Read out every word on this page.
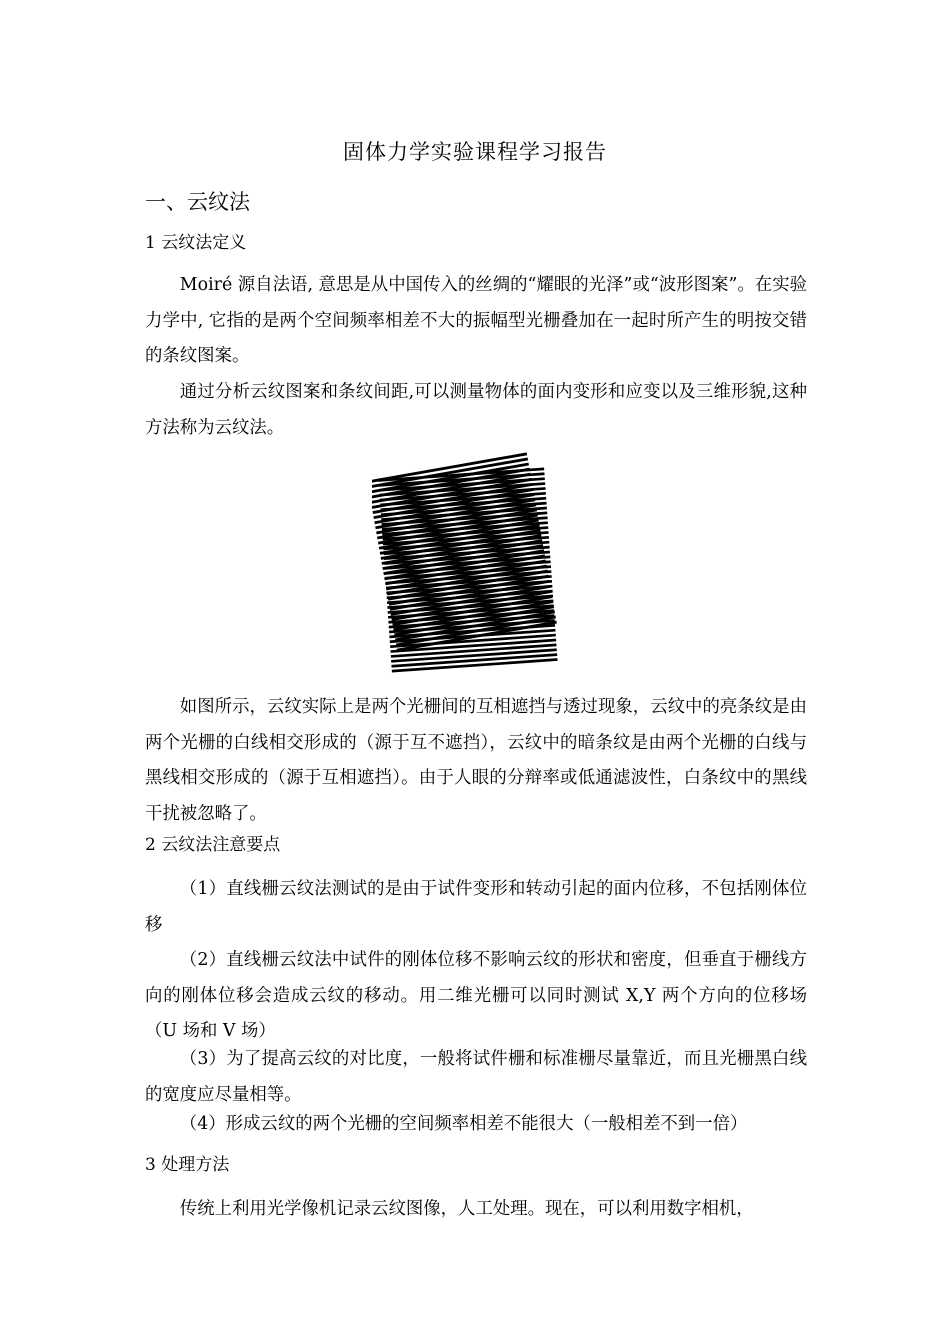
固体力学实验课程学习报告
一、云纹法
1 云纹法定义

Moiré 源自法语, 意思是从中国传入的丝绸的“耀眼的光泽”或“波形图案”。在实验力学中, 它指的是两个空间频率相差不大的振幅型光栅叠加在一起时所产生的明按交错的条纹图案。

通过分析云纹图案和条纹间距,可以测量物体的面内变形和应变以及三维形貌,这种方法称为云纹法。

如图所示，云纹实际上是两个光栅间的互相遮挡与透过现象，云纹中的亮条纹是由两个光栅的白线相交形成的（源于互不遮挡），云纹中的暗条纹是由两个光栅的白线与黑线相交形成的（源于互相遮挡）。由于人眼的分辩率或低通滤波性，白条纹中的黑线干扰被忽略了。

2 云纹法注意要点

（1）直线栅云纹法测试的是由于试件变形和转动引起的面内位移，不包括刚体位移

（2）直线栅云纹法中试件的刚体位移不影响云纹的形状和密度，但垂直于栅线方向的刚体位移会造成云纹的移动。用二维光栅可以同时测试 X,Y 两个方向的位移场（U 场和 V 场）

（3）为了提高云纹的对比度，一般将试件栅和标准栅尽量靠近，而且光栅黑白线的宽度应尽量相等。

（4）形成云纹的两个光栅的空间频率相差不能很大（一般相差不到一倍）

3 处理方法

传统上利用光学像机记录云纹图像，人工处理。现在，可以利用数字相机，
